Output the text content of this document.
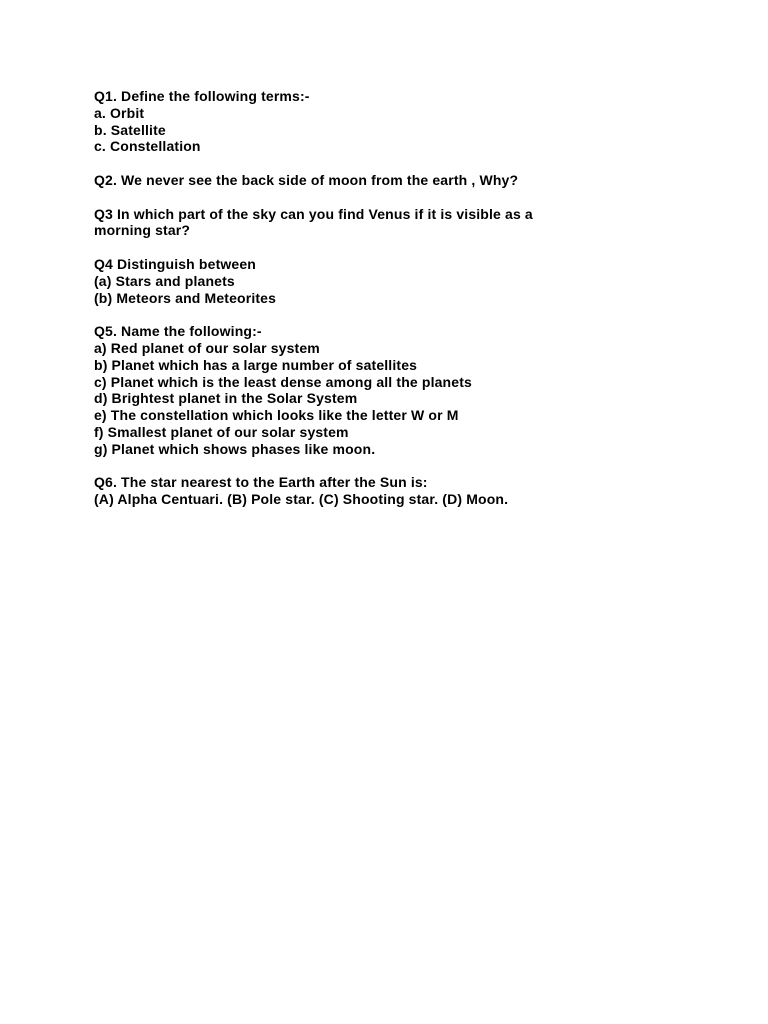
Q1. Define the following terms:-
a. Orbit
b. Satellite
c. Constellation
Q2. We never see the back side of moon from the earth , Why?
Q3 In which part of the sky can you find Venus if it is visible as a
morning star?
Q4 Distinguish between
(a) Stars and planets
(b) Meteors and Meteorites
Q5. Name the following:-
a) Red planet of our solar system
b) Planet which has a large number of satellites
c) Planet which is the least dense among all the planets
d) Brightest planet in the Solar System
e) The constellation which looks like the letter W or M
f) Smallest planet of our solar system
g) Planet which shows phases like moon.
Q6. The star nearest to the Earth after the Sun is:
(A) Alpha Centuari. (B) Pole star. (C) Shooting star. (D) Moon.
